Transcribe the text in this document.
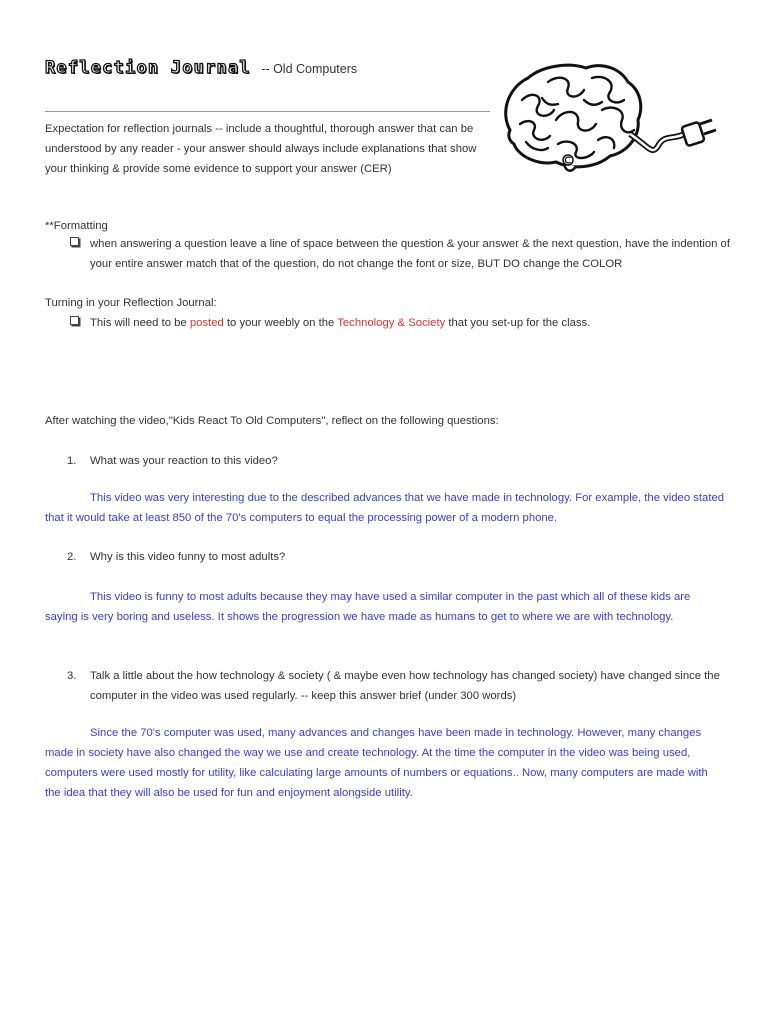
Reflection Journal -- Old Computers
Expectation for reflection journals -- include a thoughtful, thorough answer that can be understood by any reader - your answer should always include explanations that show your thinking & provide some evidence to support your answer (CER)
**Formatting
when answering a question leave a line of space between the question & your answer & the next question, have the indention of your entire answer match that of the question, do not change the font or size, BUT DO change the COLOR
Turning in your Reflection Journal:
This will need to be posted to your weebly on the Technology & Society that you set-up for the class.
After watching the video,"Kids React To Old Computers", reflect on the following questions:
1. What was your reaction to this video?
This video was very interesting due to the described advances that we have made in technology. For example, the video stated that it would take at least 850 of the 70's computers to equal the processing power of a modern phone.
2. Why is this video funny to most adults?
This video is funny to most adults because they may have used a similar computer in the past which all of these kids are saying is very boring and useless. It shows the progression we have made as humans to get to where we are with technology.
3. Talk a little about the how technology & society ( & maybe even how technology has changed society) have changed since the computer in the video was used regularly. -- keep this answer brief (under 300 words)
Since the 70's computer was used, many advances and changes have been made in technology. However, many changes made in society have also changed the way we use and create technology. At the time the computer in the video was being used, computers were used mostly for utility, like calculating large amounts of numbers or equations.. Now, many computers are made with the idea that they will also be used for fun and enjoyment alongside utility.
